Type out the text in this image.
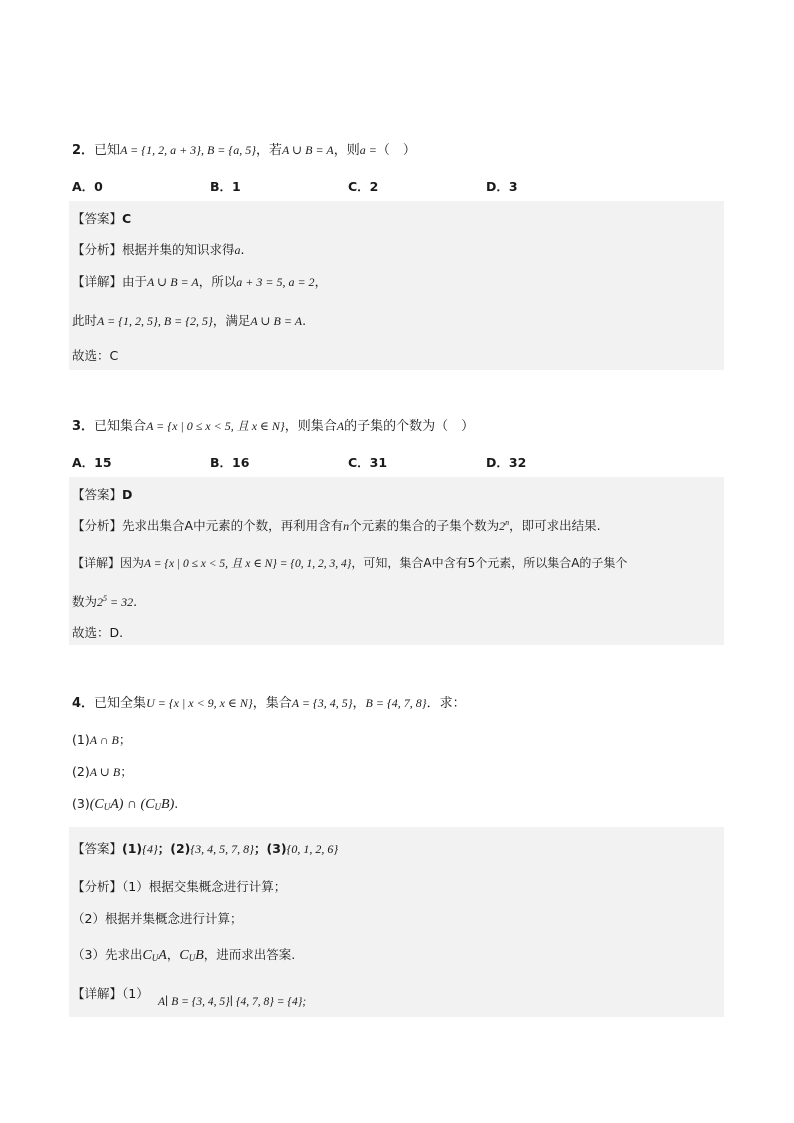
2．已知A = {1, 2, a + 3}, B = {a, 5}，若A ∪ B = A，则a =（　）
A．0	B．1	C．2	D．3
【答案】C
【分析】根据并集的知识求得a.
【详解】由于A ∪ B = A，所以a + 3 = 5, a = 2，
此时A = {1, 2, 5}, B = {2, 5}，满足A ∪ B = A.
故选：C
3．已知集合A = {x | 0 ≤ x < 5, 且 x ∈ N}，则集合A的子集的个数为（　）
A．15	B．16	C．31	D．32
【答案】D
【分析】先求出集合A中元素的个数，再利用含有n个元素的集合的子集个数为2$^n$，即可求出结果.
【详解】因为A = {x | 0 ≤ x < 5, 且 x ∈ N} = {0, 1, 2, 3, 4}，可知，集合A中含有5个元素，所以集合A的子集个
数为$2^5 = 32$.
故选：D.
4．已知全集U = {x | x < 9, x ∈ N}，集合A = {3, 4, 5}，B = {4, 7, 8}．求：
(1)A ∩ B；
(2)A ∪ B；
$(3)(C_UA)$ ∩ $(C_UB)$.
【答案】(1){4}；(2){3, 4, 5, 7, 8}；(3){0, 1, 2, 6}
【分析】（1）根据交集概念进行计算；
（2）根据并集概念进行计算；
（3）先求出$C_UA$，$C_UB$，进而求出答案.
【详解】（1）
A∣ B = {3, 4, 5}∣ {4, 7, 8} = {4};
